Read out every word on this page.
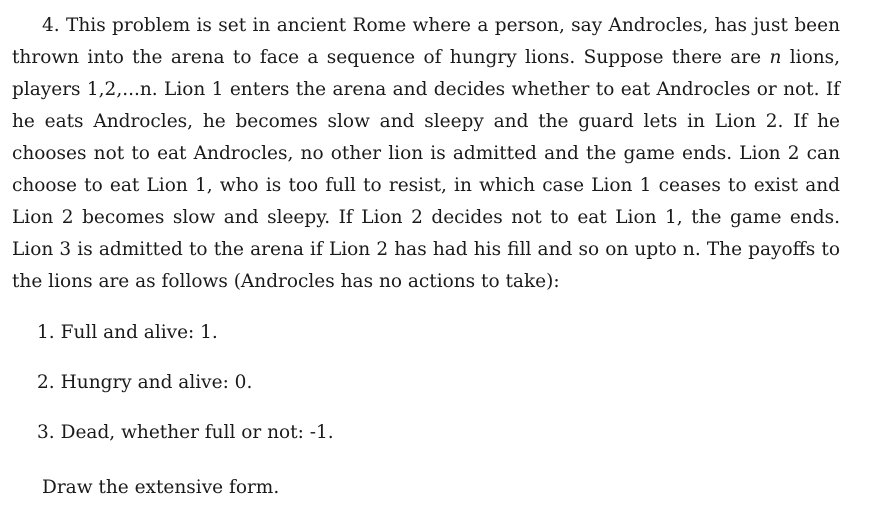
4. This problem is set in ancient Rome where a person, say Androcles, has just been thrown into the arena to face a sequence of hungry lions. Suppose there are n lions, players 1,2,...n. Lion 1 enters the arena and decides whether to eat Androcles or not. If he eats Androcles, he becomes slow and sleepy and the guard lets in Lion 2. If he chooses not to eat Androcles, no other lion is admitted and the game ends. Lion 2 can choose to eat Lion 1, who is too full to resist, in which case Lion 1 ceases to exist and Lion 2 becomes slow and sleepy. If Lion 2 decides not to eat Lion 1, the game ends. Lion 3 is admitted to the arena if Lion 2 has had his fill and so on upto n. The payoffs to the lions are as follows (Androcles has no actions to take):

1. Full and alive: 1.
2. Hungry and alive: 0.
3. Dead, whether full or not: -1.

Draw the extensive form.
